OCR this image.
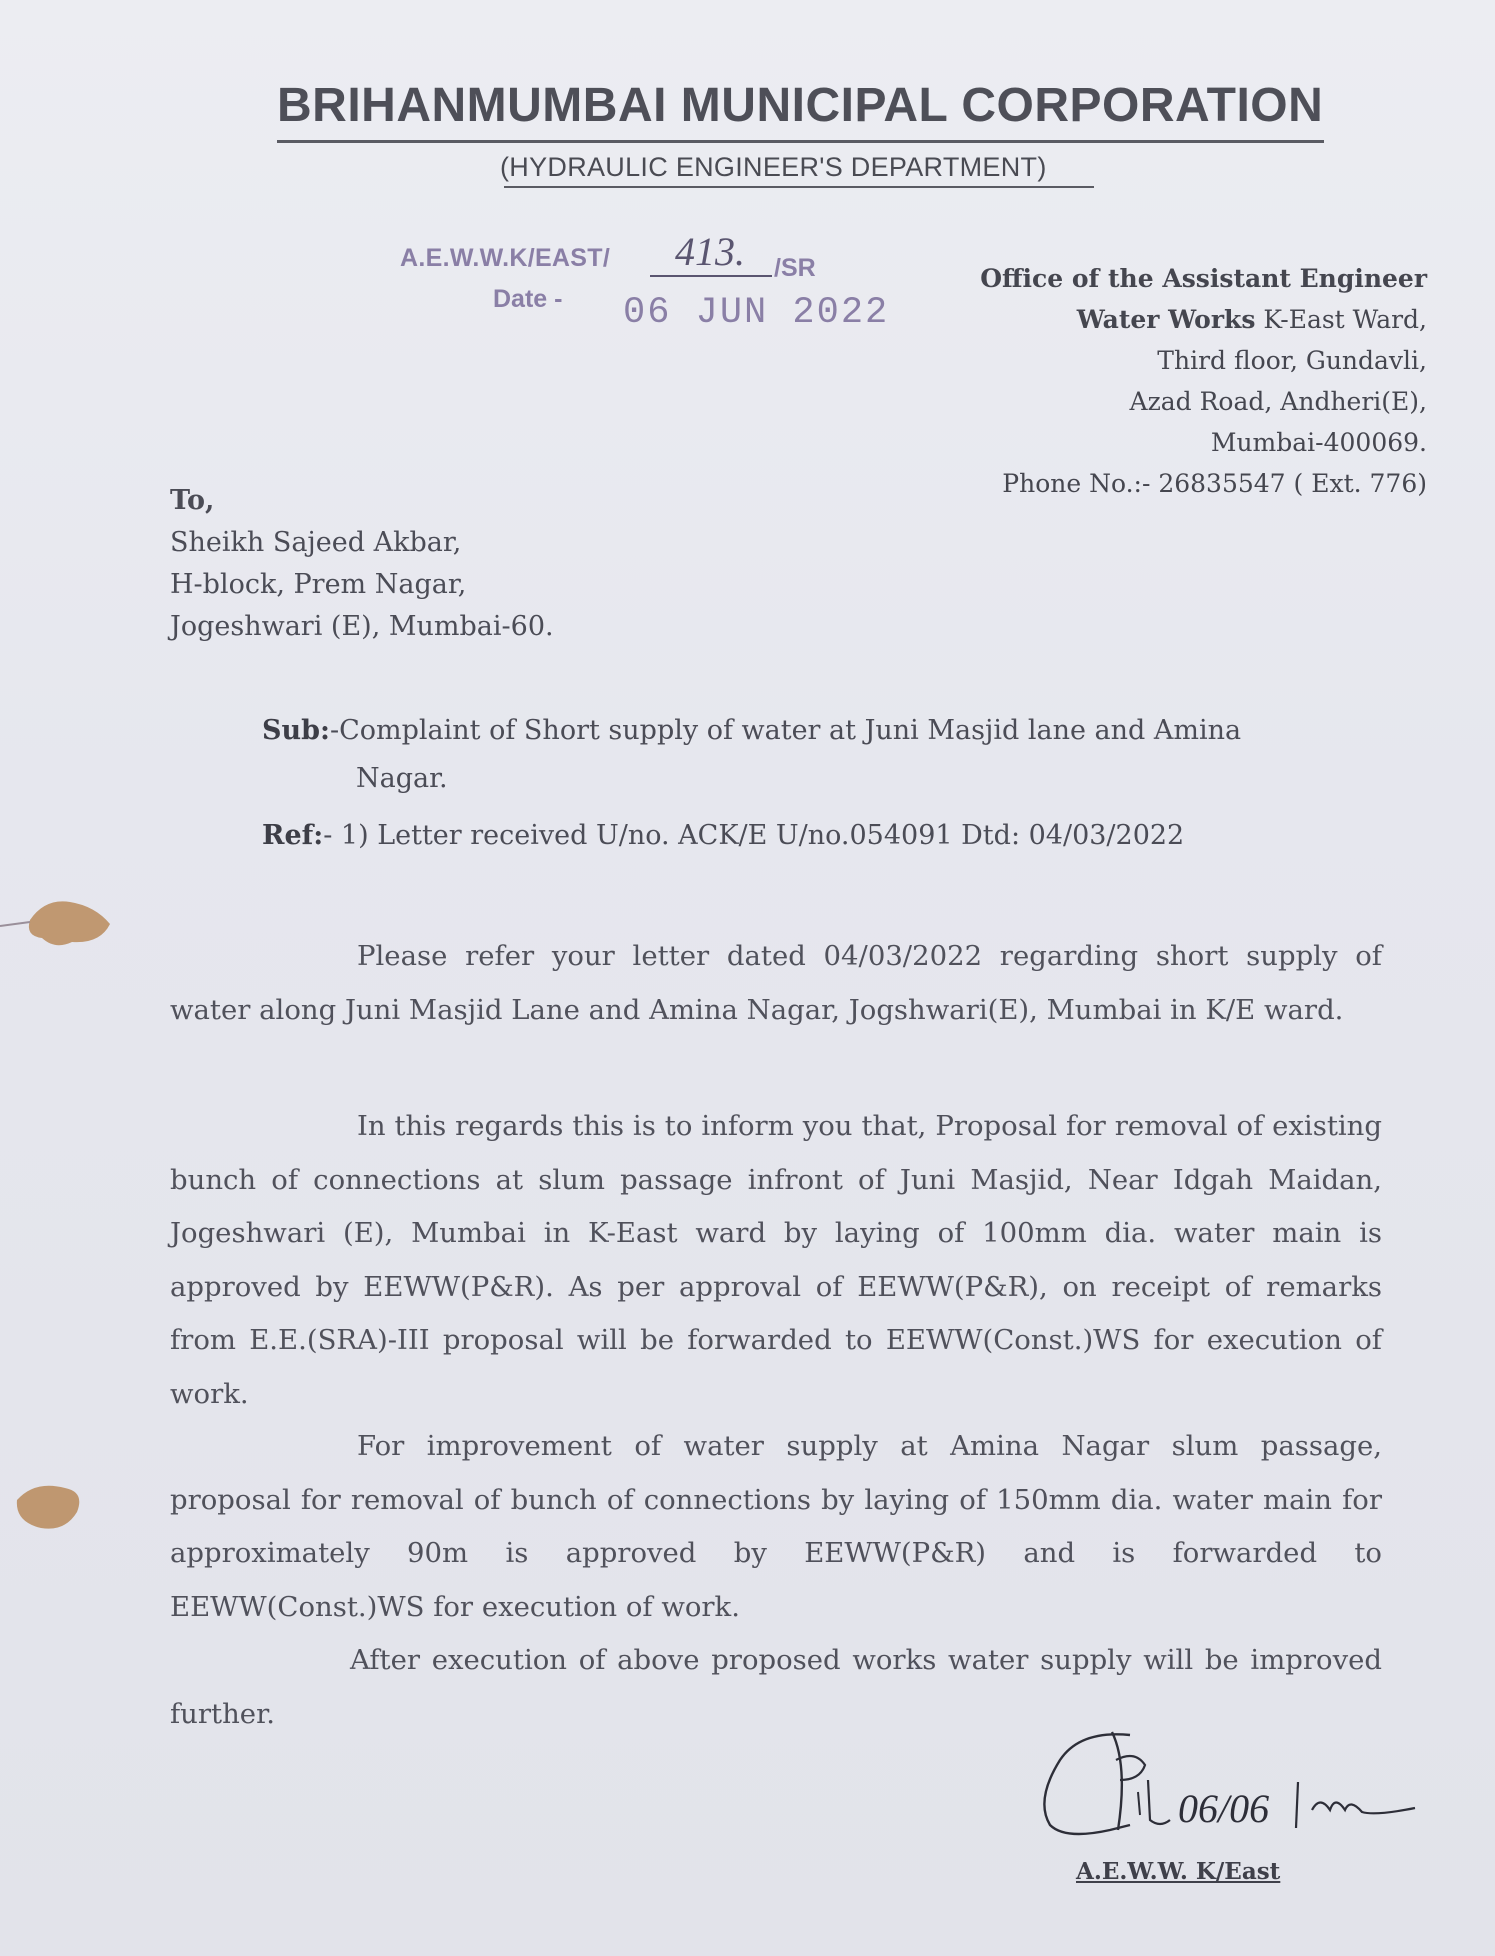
BRIHANMUMBAI MUNICIPAL CORPORATION
(HYDRAULIC ENGINEER'S DEPARTMENT)
A.E.W.W.K/EAST/ 413. /SR
Date - 06 JUN 2022
Office of the Assistant Engineer
Water Works K-East Ward,
Third floor, Gundavli,
Azad Road, Andheri(E),
Mumbai-400069.
Phone No.:- 26835547 ( Ext. 776)
To,
Sheikh Sajeed Akbar,
H-block, Prem Nagar,
Jogeshwari (E), Mumbai-60.
Sub:-Complaint of Short supply of water at Juni Masjid lane and Amina
Nagar.
Ref:- 1) Letter received U/no. ACK/E U/no.054091 Dtd: 04/03/2022
Please refer your letter dated 04/03/2022 regarding short supply of water along Juni Masjid Lane and Amina Nagar, Jogshwari(E), Mumbai in K/E ward.
In this regards this is to inform you that, Proposal for removal of existing bunch of connections at slum passage infront of Juni Masjid, Near Idgah Maidan, Jogeshwari (E), Mumbai in K-East ward by laying of 100mm dia. water main is approved by EEWW(P&R). As per approval of EEWW(P&R), on receipt of remarks from E.E.(SRA)-III proposal will be forwarded to EEWW(Const.)WS for execution of work.
For improvement of water supply at Amina Nagar slum passage, proposal for removal of bunch of connections by laying of 150mm dia. water main for approximately 90m is approved by EEWW(P&R) and is forwarded to EEWW(Const.)WS for execution of work.
After execution of above proposed works water supply will be improved further.
06/06
A.E.W.W. K/East
